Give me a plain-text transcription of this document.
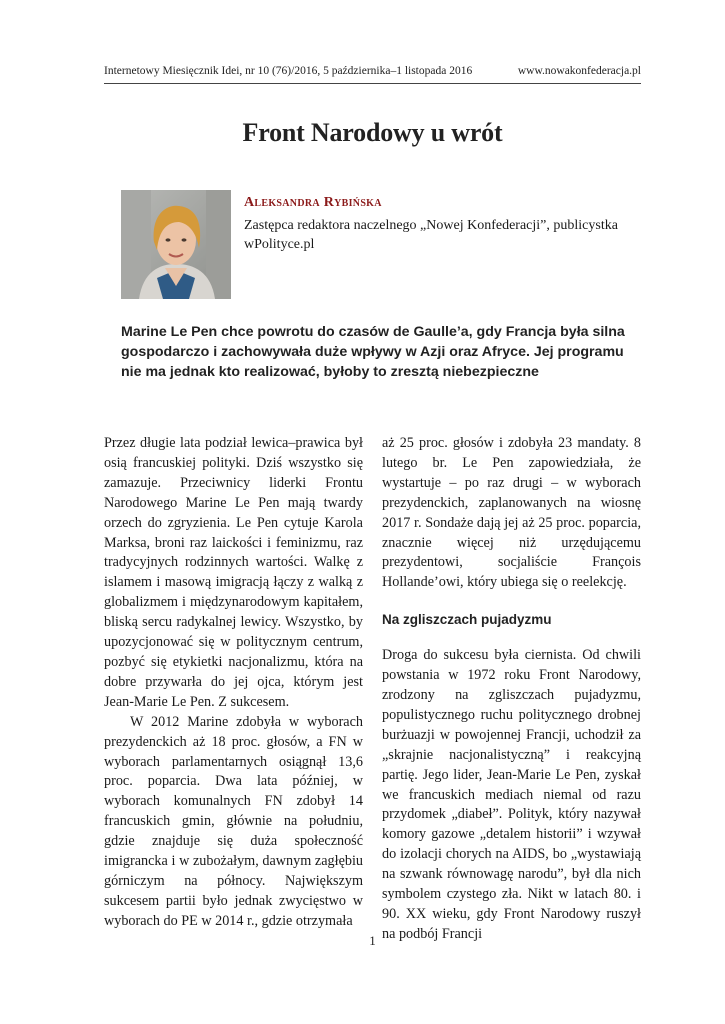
Internetowy Miesięcznik Idei, nr 10 (76)/2016, 5 października–1 listopada 2016	www.nowakonfederacja.pl
Front Narodowy u wrót
Aleksandra Rybińska
Zastępca redaktora naczelnego „Nowej Konfederacji”, publicystka wPolityce.pl
Marine Le Pen chce powrotu do czasów de Gaulle’a, gdy Francja była silna gospodarczo i zachowywała duże wpływy w Azji oraz Afryce. Jej programu nie ma jednak kto realizować, byłoby to zresztą niebezpieczne

Przez długie lata podział lewica–prawica był osią francuskiej polityki. Dziś wszystko się zamazuje. Przeciwnicy liderki Frontu Narodowego Marine Le Pen mają twardy orzech do zgryzienia. Le Pen cytuje Karola Marksa, broni raz laickości i feminizmu, raz tradycyjnych rodzinnych wartości. Walkę z islamem i masową imigracją łączy z walką z globalizmem i międzynarodowym kapitałem, bliską sercu radykalnej lewicy. Wszystko, by upozycjonować się w politycznym centrum, pozbyć się etykietki nacjonalizmu, która na dobre przywarła do jej ojca, którym jest Jean-Marie Le Pen. Z sukcesem.

W 2012 Marine zdobyła w wyborach prezydenckich aż 18 proc. głosów, a FN w wyborach parlamentarnych osiągnął 13,6 proc. poparcia. Dwa lata później, w wyborach komunalnych FN zdobył 14 francuskich gmin, głównie na południu, gdzie znajduje się duża społeczność imigrancka i w zubożałym, dawnym zagłębiu górniczym na północy. Największym sukcesem partii było jednak zwycięstwo w wyborach do PE w 2014 r., gdzie otrzymała

aż 25 proc. głosów i zdobyła 23 mandaty. 8 lutego br. Le Pen zapowiedziała, że wystartuje – po raz drugi – w wyborach prezydenckich, zaplanowanych na wiosnę 2017 r. Sondaże dają jej aż 25 proc. poparcia, znacznie więcej niż urzędującemu prezydentowi, socjaliście François Hollande’owi, który ubiega się o reelekcję.

Na zgliszczach pujadyzmu

Droga do sukcesu była ciernista. Od chwili powstania w 1972 roku Front Narodowy, zrodzony na zgliszczach pujadyzmu, populistycznego ruchu politycznego drobnej burżuazji w powojennej Francji, uchodził za „skrajnie nacjonalistyczną” i reakcyjną partię. Jego lider, Jean-Marie Le Pen, zyskał we francuskich mediach niemal od razu przydomek „diabeł”. Polityk, który nazywał komory gazowe „detalem historii” i wzywał do izolacji chorych na AIDS, bo „wystawiają na szwank równowagę narodu”, był dla nich symbolem czystego zła. Nikt w latach 80. i 90. XX wieku, gdy Front Narodowy ruszył na podbój Francji

1
